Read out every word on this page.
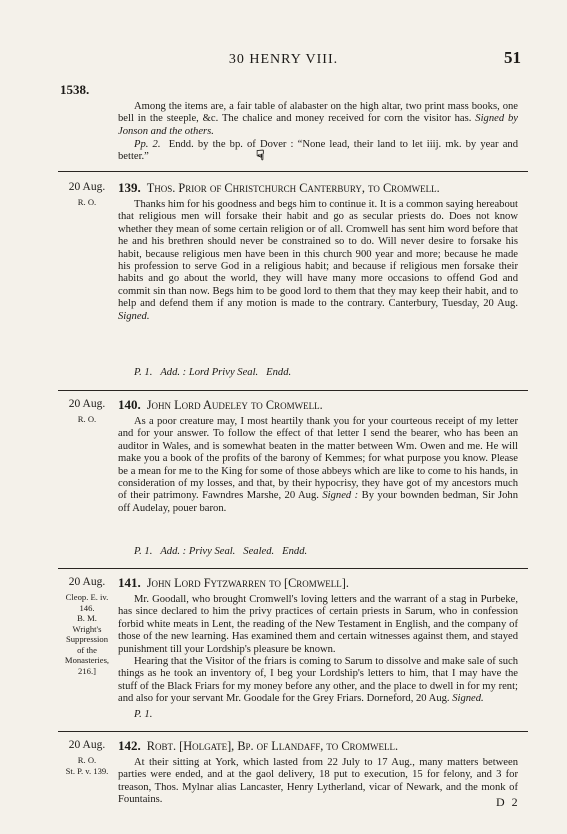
30 HENRY VIII.	51
1538.

Among the items are, a fair table of alabaster on the high altar, two print mass books, one bell in the steeple, &c. The chalice and money received for corn the visitor has. Signed by Jonson and the others.

Pp. 2. Endd. by the bp. of Dover : “None lead, their land to let iiij. mk. by year and better.”	☟
20 Aug.
R. O.
139. Thos. Prior of Christchurch Canterbury, to Cromwell.

Thanks him for his goodness and begs him to continue it. It is a common saying hereabout that religious men will forsake their habit and go as secular priests do. Does not know whether they mean of some certain religion or of all. Cromwell has sent him word before that he and his brethren should never be constrained so to do. Will never desire to forsake his habit, because religious men have been in this church 900 year and more; because he made his profession to serve God in a religious habit; and because if religious men forsake their habits and go about the world, they will have many more occasions to offend God and commit sin than now. Begs him to be good lord to them that they may keep their habit, and to help and defend them if any motion is made to the contrary. Canterbury, Tuesday, 20 Aug. Signed.

P. 1. Add. : Lord Privy Seal. Endd.
20 Aug.
R. O.
140. John Lord Audeley to Cromwell.

As a poor creature may, I most heartily thank you for your courteous receipt of my letter and for your answer. To follow the effect of that letter I send the bearer, who has been an auditor in Wales, and is somewhat beaten in the matter between Wm. Owen and me. He will make you a book of the profits of the barony of Kemmes; for what purpose you know. Please be a mean for me to the King for some of those abbeys which are like to come to his hands, in consideration of my losses, and that, by their hypocrisy, they have got of my ancestors much of their patrimony. Fawndres Marshe, 20 Aug. Signed : By your bownden bedman, Sir John off Audelay, pouer baron.

P. 1. Add. : Privy Seal. Sealed. Endd.
20 Aug.
Cleop. E. iv.
146.
B. M.
Wright's
Suppression
of the
Monasteries,
216.]
141. John Lord Fytzwarren to [Cromwell].

Mr. Goodall, who brought Cromwell's loving letters and the warrant of a stag in Purbeke, has since declared to him the privy practices of certain priests in Sarum, who in confession forbid white meats in Lent, the reading of the New Testament in English, and the company of those of the new learning. Has examined them and certain witnesses against them, and stayed punishment till your Lordship's pleasure be known.

Hearing that the Visitor of the friars is coming to Sarum to dissolve and make sale of such things as he took an inventory of, I beg your Lordship's letters to him, that I may have the stuff of the Black Friars for my money before any other, and the place to dwell in for my rent; and also for your servant Mr. Goodale for the Grey Friars. Dorneford, 20 Aug. Signed.

P. 1.
20 Aug.
R. O.
St. P. v. 139.
142. Robt. [Holgate], Bp. of Llandaff, to Cromwell.

At their sitting at York, which lasted from 22 July to 17 Aug., many matters between parties were ended, and at the gaol delivery, 18 put to execution, 15 for felony, and 3 for treason, Thos. Mylnar alias Lancaster, Henry Lytherland, vicar of Newark, and the monk of Fountains.	D 2
